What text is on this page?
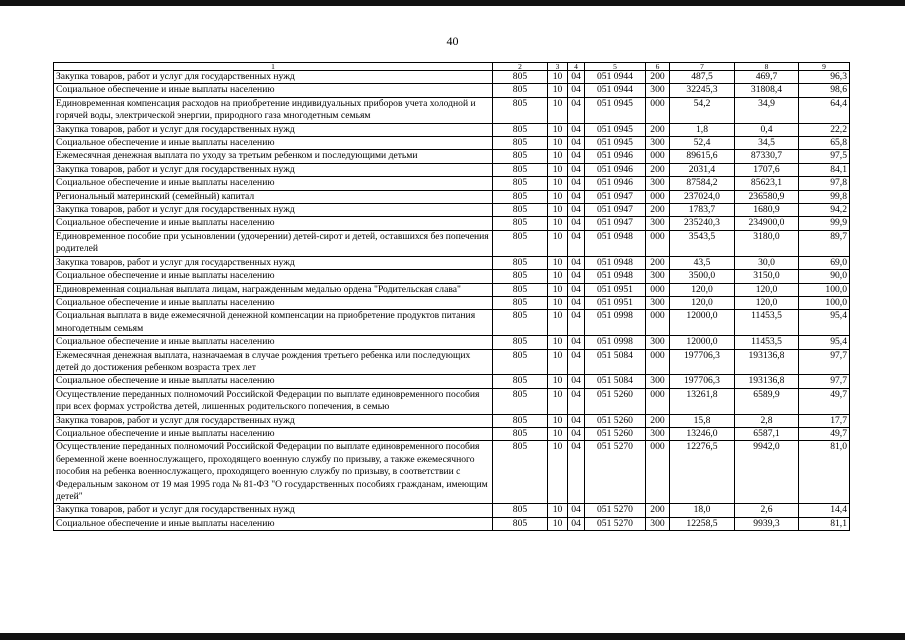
40
1	2	3	4	5	6	7	8	9
Закупка товаров, работ и услуг для государственных нужд	805	10	04	051 0944	200	487,5	469,7	96,3
Социальное обеспечение и иные выплаты населению	805	10	04	051 0944	300	32245,3	31808,4	98,6
Единовременная компенсация расходов на приобретение индивидуальных приборов учета холодной и горячей воды, электрической энергии, природного газа многодетным семьям	805	10	04	051 0945	000	54,2	34,9	64,4
Закупка товаров, работ и услуг для государственных нужд	805	10	04	051 0945	200	1,8	0,4	22,2
Социальное обеспечение и иные выплаты населению	805	10	04	051 0945	300	52,4	34,5	65,8
Ежемесячная денежная выплата по уходу за третьим ребенком и последующими детьми	805	10	04	051 0946	000	89615,6	87330,7	97,5
Закупка товаров, работ и услуг для государственных нужд	805	10	04	051 0946	200	2031,4	1707,6	84,1
Социальное обеспечение и иные выплаты населению	805	10	04	051 0946	300	87584,2	85623,1	97,8
Региональный материнский (семейный) капитал	805	10	04	051 0947	000	237024,0	236580,9	99,8
Закупка товаров, работ и услуг для государственных нужд	805	10	04	051 0947	200	1783,7	1680,9	94,2
Социальное обеспечение и иные выплаты населению	805	10	04	051 0947	300	235240,3	234900,0	99,9
Единовременное пособие при усыновлении (удочерении) детей-сирот и детей, оставшихся без попечения родителей	805	10	04	051 0948	000	3543,5	3180,0	89,7
Закупка товаров, работ и услуг для государственных нужд	805	10	04	051 0948	200	43,5	30,0	69,0
Социальное обеспечение и иные выплаты населению	805	10	04	051 0948	300	3500,0	3150,0	90,0
Единовременная социальная выплата лицам, награжденным медалью ордена "Родительская слава"	805	10	04	051 0951	000	120,0	120,0	100,0
Социальное обеспечение и иные выплаты населению	805	10	04	051 0951	300	120,0	120,0	100,0
Социальная выплата в виде ежемесячной денежной компенсации на приобретение продуктов питания многодетным семьям	805	10	04	051 0998	000	12000,0	11453,5	95,4
Социальное обеспечение и иные выплаты населению	805	10	04	051 0998	300	12000,0	11453,5	95,4
Ежемесячная денежная выплата, назначаемая в случае рождения третьего ребенка или последующих детей до достижения ребенком возраста трех лет	805	10	04	051 5084	000	197706,3	193136,8	97,7
Социальное обеспечение и иные выплаты населению	805	10	04	051 5084	300	197706,3	193136,8	97,7
Осуществление переданных полномочий Российской Федерации по выплате единовременного пособия при всех формах устройства детей, лишенных родительского попечения, в семью	805	10	04	051 5260	000	13261,8	6589,9	49,7
Закупка товаров, работ и услуг для государственных нужд	805	10	04	051 5260	200	15,8	2,8	17,7
Социальное обеспечение и иные выплаты населению	805	10	04	051 5260	300	13246,0	6587,1	49,7
Осуществление переданных полномочий Российской Федерации по выплате единовременного пособия беременной жене военнослужащего, проходящего военную службу по призыву, а также ежемесячного пособия на ребенка военнослужащего, проходящего военную службу по призыву, в соответствии с Федеральным законом от 19 мая 1995 года № 81-ФЗ "О государственных пособиях гражданам, имеющим детей"	805	10	04	051 5270	000	12276,5	9942,0	81,0
Закупка товаров, работ и услуг для государственных нужд	805	10	04	051 5270	200	18,0	2,6	14,4
Социальное обеспечение и иные выплаты населению	805	10	04	051 5270	300	12258,5	9939,3	81,1
